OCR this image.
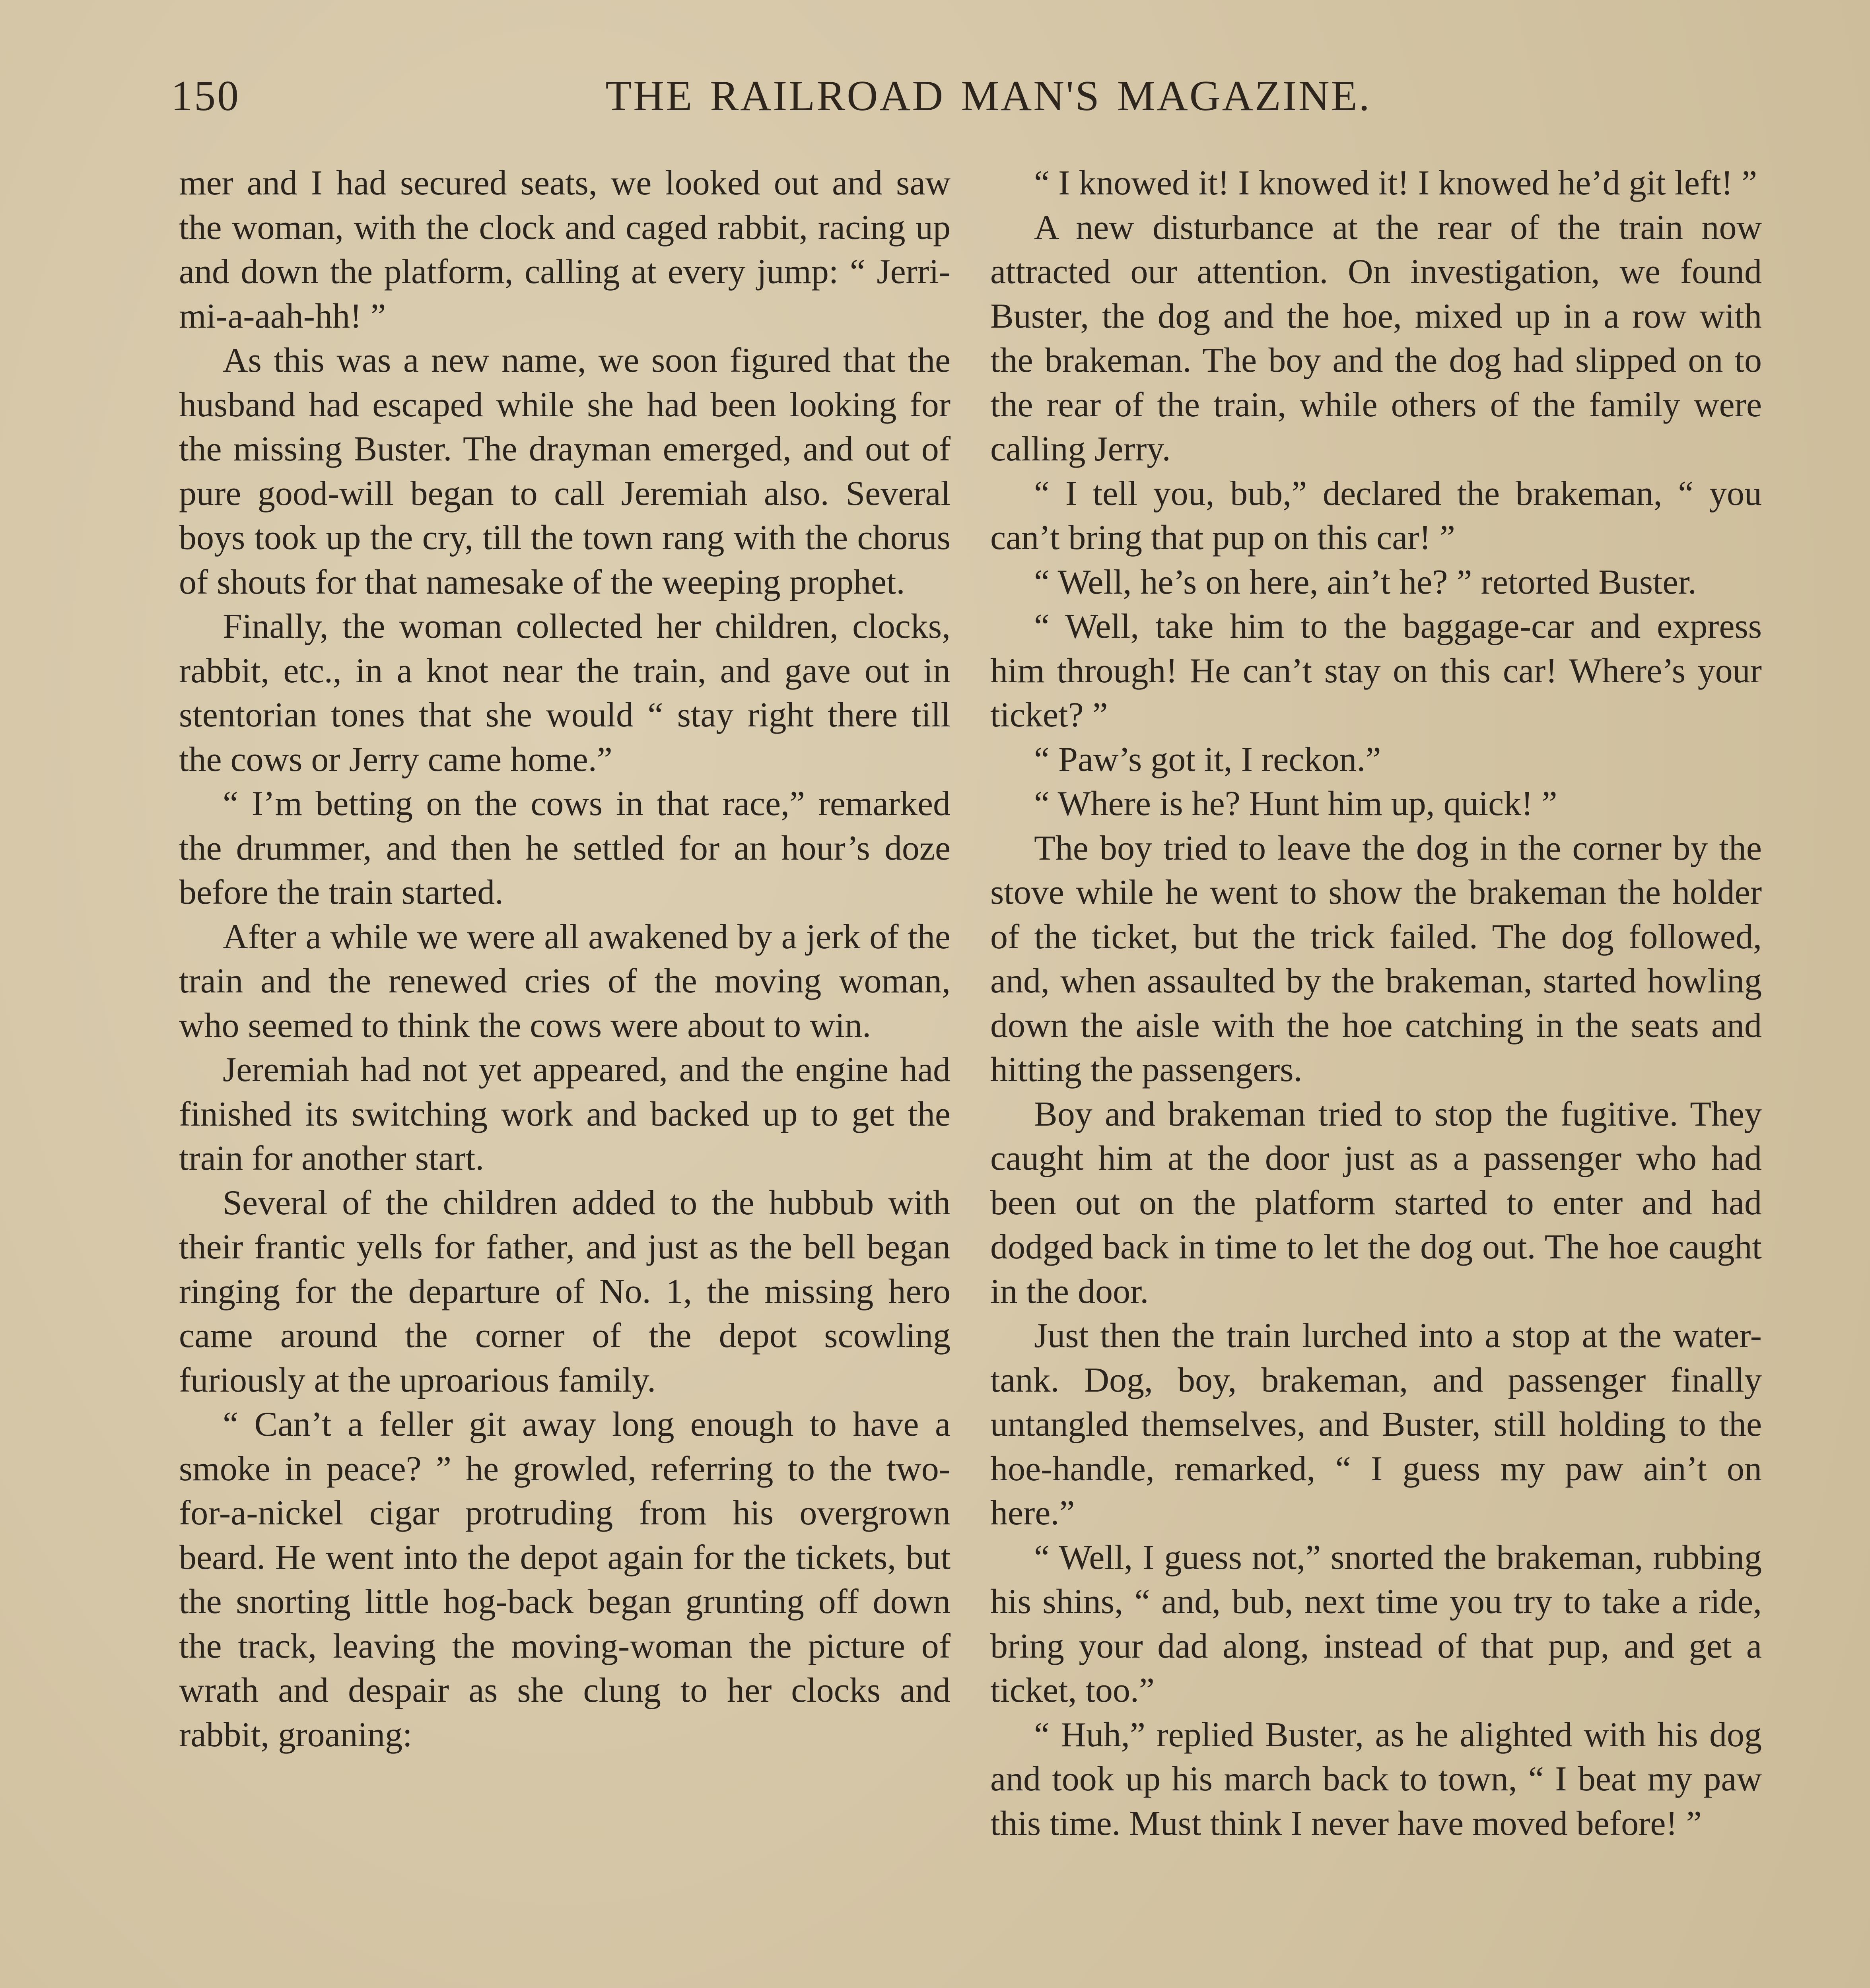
150	THE RAILROAD MAN'S MAGAZINE.

mer and I had secured seats, we looked out and saw the woman, with the clock and caged rabbit, racing up and down the platform, calling at every jump: “ Jerri-mi-a-aah-hh! ”

As this was a new name, we soon figured that the husband had escaped while she had been looking for the missing Buster. The drayman emerged, and out of pure good-will began to call Jeremiah also. Several boys took up the cry, till the town rang with the chorus of shouts for that namesake of the weeping prophet.

Finally, the woman collected her children, clocks, rabbit, etc., in a knot near the train, and gave out in stentorian tones that she would “ stay right there till the cows or Jerry came home.”

“ I’m betting on the cows in that race,” remarked the drummer, and then he settled for an hour’s doze before the train started.

After a while we were all awakened by a jerk of the train and the renewed cries of the moving woman, who seemed to think the cows were about to win.

Jeremiah had not yet appeared, and the engine had finished its switching work and backed up to get the train for another start.

Several of the children added to the hubbub with their frantic yells for father, and just as the bell began ringing for the departure of No. 1, the missing hero came around the corner of the depot scowling furiously at the uproarious family.

“ Can’t a feller git away long enough to have a smoke in peace? ” he growled, referring to the two-for-a-nickel cigar protruding from his overgrown beard. He went into the depot again for the tickets, but the snorting little hog-back began grunting off down the track, leaving the moving-woman the picture of wrath and despair as she clung to her clocks and rabbit, groaning:

“ I knowed it! I knowed it! I knowed he’d git left! ”

A new disturbance at the rear of the train now attracted our attention. On investigation, we found Buster, the dog and the hoe, mixed up in a row with the brakeman. The boy and the dog had slipped on to the rear of the train, while others of the family were calling Jerry.

“ I tell you, bub,” declared the brakeman, “ you can’t bring that pup on this car! ”

“ Well, he’s on here, ain’t he? ” retorted Buster.

“ Well, take him to the baggage-car and express him through! He can’t stay on this car! Where’s your ticket? ”

“ Paw’s got it, I reckon.”

“ Where is he? Hunt him up, quick! ”

The boy tried to leave the dog in the corner by the stove while he went to show the brakeman the holder of the ticket, but the trick failed. The dog followed, and, when assaulted by the brakeman, started howling down the aisle with the hoe catching in the seats and hitting the passengers.

Boy and brakeman tried to stop the fugitive. They caught him at the door just as a passenger who had been out on the platform started to enter and had dodged back in time to let the dog out. The hoe caught in the door.

Just then the train lurched into a stop at the water-tank. Dog, boy, brakeman, and passenger finally untangled themselves, and Buster, still holding to the hoe-handle, remarked, “ I guess my paw ain’t on here.”

“ Well, I guess not,” snorted the brakeman, rubbing his shins, “ and, bub, next time you try to take a ride, bring your dad along, instead of that pup, and get a ticket, too.”

“ Huh,” replied Buster, as he alighted with his dog and took up his march back to town, “ I beat my paw this time. Must think I never have moved before! ”
